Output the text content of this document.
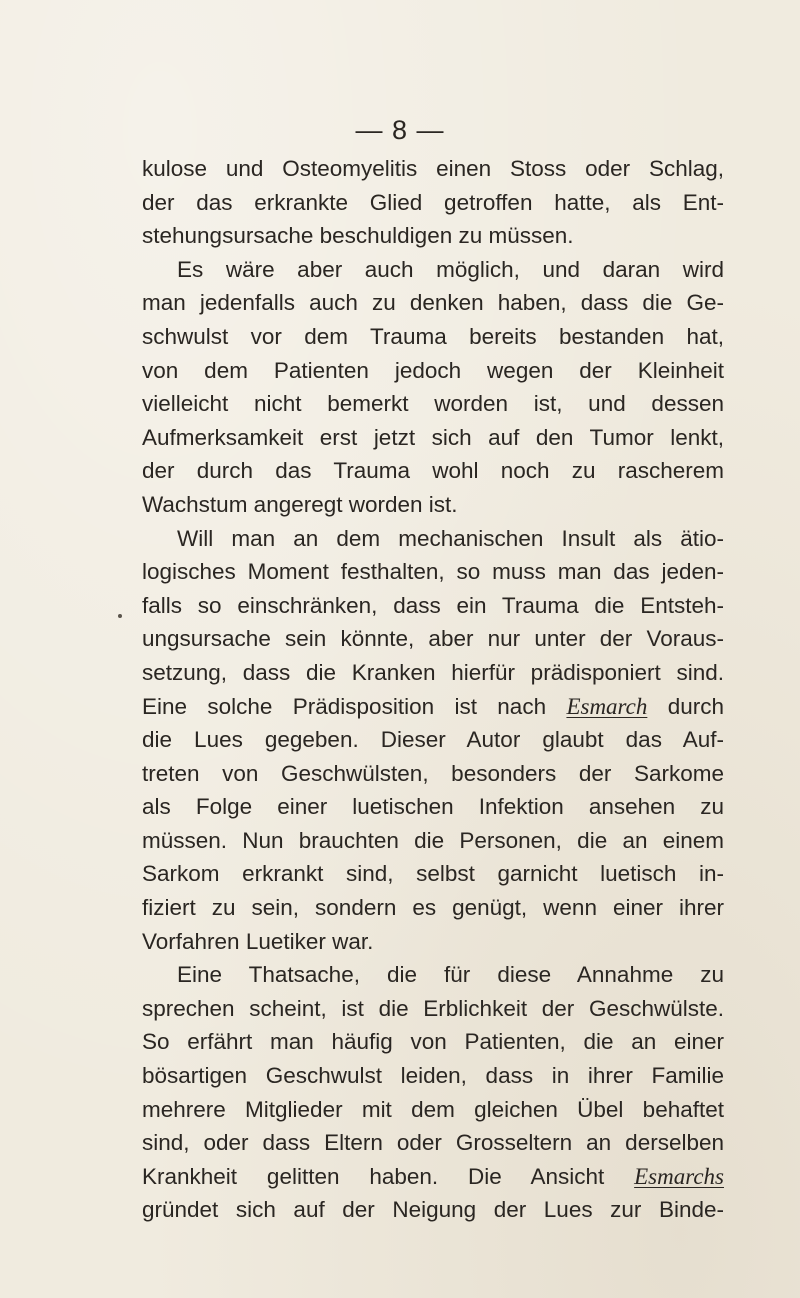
— 8 —
kulose und Osteomyelitis einen Stoss oder Schlag,
der das erkrankte Glied getroffen hatte, als Ent-
stehungsursache beschuldigen zu müssen.
Es wäre aber auch möglich, und daran wird
man jedenfalls auch zu denken haben, dass die Ge-
schwulst vor dem Trauma bereits bestanden hat,
von dem Patienten jedoch wegen der Kleinheit
vielleicht nicht bemerkt worden ist, und dessen
Aufmerksamkeit erst jetzt sich auf den Tumor lenkt,
der durch das Trauma wohl noch zu rascherem
Wachstum angeregt worden ist.
Will man an dem mechanischen Insult als ätio-
logisches Moment festhalten, so muss man das jeden-
falls so einschränken, dass ein Trauma die Entsteh-
ungsursache sein könnte, aber nur unter der Voraus-
setzung, dass die Kranken hierfür prädisponiert sind.
Eine solche Prädisposition ist nach Esmarch durch
die Lues gegeben. Dieser Autor glaubt das Auf-
treten von Geschwülsten, besonders der Sarkome
als Folge einer luetischen Infektion ansehen zu
müssen. Nun brauchten die Personen, die an einem
Sarkom erkrankt sind, selbst garnicht luetisch in-
fiziert zu sein, sondern es genügt, wenn einer ihrer
Vorfahren Luetiker war.
Eine Thatsache, die für diese Annahme zu
sprechen scheint, ist die Erblichkeit der Geschwülste.
So erfährt man häufig von Patienten, die an einer
bösartigen Geschwulst leiden, dass in ihrer Familie
mehrere Mitglieder mit dem gleichen Übel behaftet
sind, oder dass Eltern oder Grosseltern an derselben
Krankheit gelitten haben. Die Ansicht Esmarchs
gründet sich auf der Neigung der Lues zur Binde-
